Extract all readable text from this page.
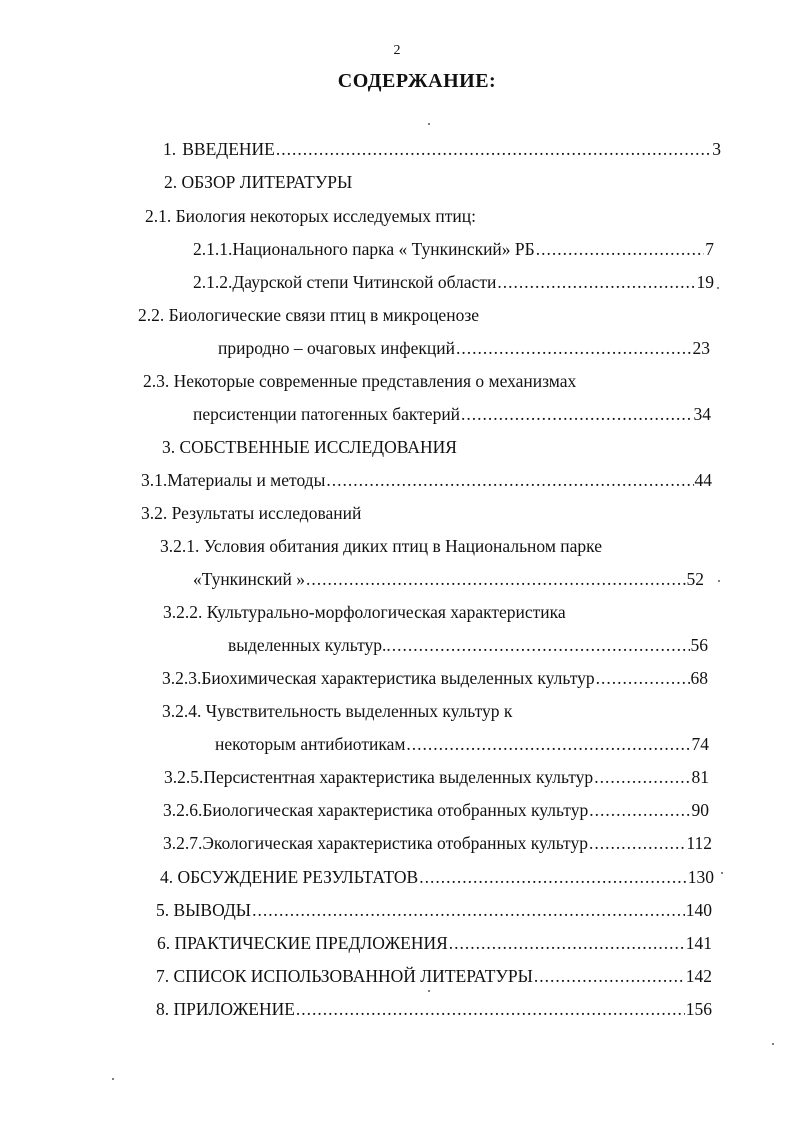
2
СОДЕРЖАНИЕ:
1. ВВЕДЕНИЕ .....	3
2. ОБЗОР ЛИТЕРАТУРЫ
2.1. Биология некоторых исследуемых птиц:
2.1.1.Национального парка « Тункинский» РБ .....	7
2.1.2.Даурской степи Читинской области .....	19
2.2. Биологические связи птиц в микроценозе
природно – очаговых инфекций .....	23
2.3. Некоторые современные представления о механизмах
персистенции патогенных бактерий .....	34
3. СОБСТВЕННЫЕ ИССЛЕДОВАНИЯ
3.1. Материалы и методы .....	44
3.2. Результаты исследований
3.2.1. Условия обитания диких птиц в Национальном парке
«Тункинский » .....	52
3.2.2. Культурально-морфологическая характеристика
выделенных культур.. .....	56
3.2.3. Биохимическая характеристика выделенных культур .....	68
3.2.4. Чувствительность выделенных культур к
некоторым антибиотикам .....	74
3.2.5. Персистентная характеристика выделенных культур .....	81
3.2.6. Биологическая характеристика отобранных культур .....	90
3.2.7. Экологическая характеристика отобранных культур .....	112
4. ОБСУЖДЕНИЕ РЕЗУЛЬТАТОВ .....	130
5. ВЫВОДЫ .....	140
6. ПРАКТИЧЕСКИЕ ПРЕДЛОЖЕНИЯ .....	141
7. СПИСОК ИСПОЛЬЗОВАННОЙ ЛИТЕРАТУРЫ .....	142
8. ПРИЛОЖЕНИЕ .....	156
